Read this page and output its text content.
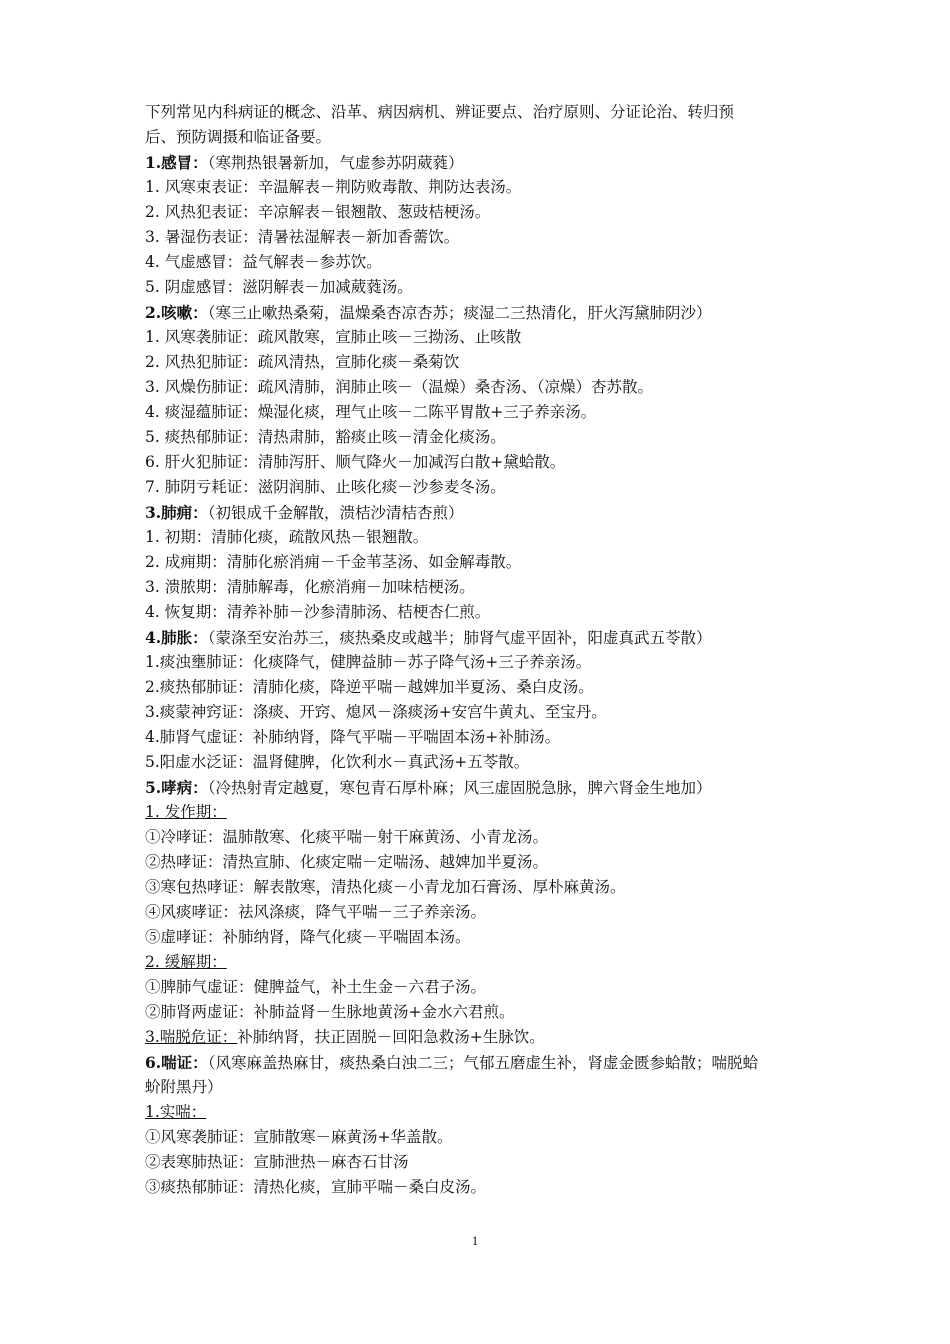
下列常见内科病证的概念、沿革、病因病机、辨证要点、治疗原则、分证论治、转归预
后、预防调摄和临证备要。
1.感冒：（寒荆热银暑新加，气虚参苏阴葳蕤）
1. 风寒束表证：辛温解表－荆防败毒散、荆防达表汤。
2. 风热犯表证：辛凉解表－银翘散、葱豉桔梗汤。
3. 暑湿伤表证：清暑祛湿解表－新加香薷饮。
4. 气虚感冒：益气解表－参苏饮。
5. 阴虚感冒：滋阴解表－加减葳蕤汤。
2.咳嗽：（寒三止嗽热桑菊，温燥桑杏凉杏苏；痰湿二三热清化，肝火泻黛肺阴沙）
1. 风寒袭肺证：疏风散寒，宣肺止咳－三拗汤、止咳散
2. 风热犯肺证：疏风清热，宣肺化痰－桑菊饮
3. 风燥伤肺证：疏风清肺，润肺止咳－（温燥）桑杏汤、（凉燥）杏苏散。
4. 痰湿蕴肺证：燥湿化痰，理气止咳－二陈平胃散+三子养亲汤。
5. 痰热郁肺证：清热肃肺，豁痰止咳－清金化痰汤。
6. 肝火犯肺证：清肺泻肝、顺气降火－加减泻白散+黛蛤散。
7. 肺阴亏耗证：滋阴润肺、止咳化痰－沙参麦冬汤。
3.肺痈：（初银成千金解散，溃桔沙清桔杏煎）
1. 初期：清肺化痰，疏散风热－银翘散。
2. 成痈期：清肺化瘀消痈－千金苇茎汤、如金解毒散。
3. 溃脓期：清肺解毒，化瘀消痈－加味桔梗汤。
4. 恢复期：清养补肺－沙参清肺汤、桔梗杏仁煎。
4.肺胀：（蒙涤至安治苏三，痰热桑皮或越半；肺肾气虚平固补，阳虚真武五苓散）
1.痰浊壅肺证：化痰降气，健脾益肺－苏子降气汤+三子养亲汤。
2.痰热郁肺证：清肺化痰，降逆平喘－越婢加半夏汤、桑白皮汤。
3.痰蒙神窍证：涤痰、开窍、熄风－涤痰汤+安宫牛黄丸、至宝丹。
4.肺肾气虚证：补肺纳肾，降气平喘－平喘固本汤+补肺汤。
5.阳虚水泛证：温肾健脾，化饮利水－真武汤+五苓散。
5.哮病：（冷热射青定越夏，寒包青石厚朴麻；风三虚固脱急脉，脾六肾金生地加）
1. 发作期：
①冷哮证：温肺散寒、化痰平喘－射干麻黄汤、小青龙汤。
②热哮证：清热宣肺、化痰定喘－定喘汤、越婢加半夏汤。
③寒包热哮证：解表散寒，清热化痰－小青龙加石膏汤、厚朴麻黄汤。
④风痰哮证：祛风涤痰，降气平喘－三子养亲汤。
⑤虚哮证：补肺纳肾，降气化痰－平喘固本汤。
2. 缓解期：
①脾肺气虚证：健脾益气，补土生金－六君子汤。
②肺肾两虚证：补肺益肾－生脉地黄汤+金水六君煎。
3.喘脱危证：补肺纳肾，扶正固脱－回阳急救汤+生脉饮。
6.喘证：（风寒麻盖热麻甘，痰热桑白浊二三；气郁五磨虚生补，肾虚金匮参蛤散；喘脱蛤
蚧附黑丹）
1.实喘：
①风寒袭肺证：宣肺散寒－麻黄汤+华盖散。
②表寒肺热证：宣肺泄热－麻杏石甘汤
③痰热郁肺证：清热化痰，宣肺平喘－桑白皮汤。
1
